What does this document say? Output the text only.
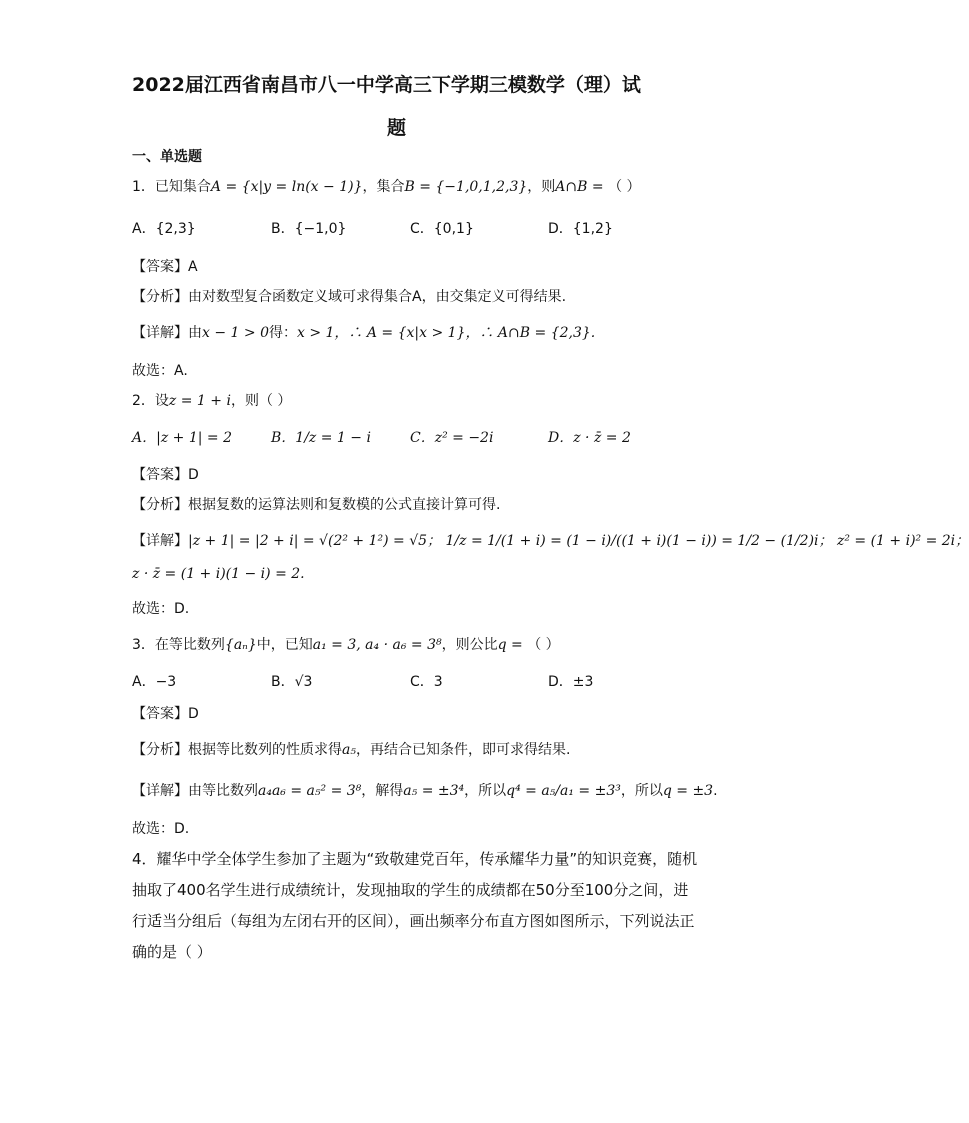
2022届江西省南昌市八一中学高三下学期三模数学（理）试
题
一、单选题
1．已知集合A = {x|y = ln(x − 1)}，集合B = {−1,0,1,2,3}，则A∩B = （ ）
A．{2,3}	B．{−1,0}	C．{0,1}	D．{1,2}
【答案】A
【分析】由对数型复合函数定义域可求得集合A，由交集定义可得结果.
【详解】由x − 1 > 0得：x > 1，∴ A = {x|x > 1}，∴ A∩B = {2,3}.
故选：A.
2．设z = 1 + i，则（ ）
A．|z + 1| = 2	B．1/z = 1 − i	C．z² = −2i	D．z · z̄ = 2
【答案】D
【分析】根据复数的运算法则和复数模的公式直接计算可得.
【详解】|z + 1| = |2 + i| = √(2² + 1²) = √5； 1/z = 1/(1 + i) = (1 − i)/((1 + i)(1 − i)) = 1/2 − (1/2)i； z² = (1 + i)² = 2i；
z · z̄ = (1 + i)(1 − i) = 2.
故选：D.
3．在等比数列{aₙ}中，已知a₁ = 3, a₄ · a₆ = 3⁸，则公比q = （ ）
A．−3	B．√3	C．3	D．±3
【答案】D
【分析】根据等比数列的性质求得a₅，再结合已知条件，即可求得结果.
【详解】由等比数列a₄a₆ = a₅² = 3⁸，解得a₅ = ±3⁴，所以q⁴ = a₅/a₁ = ±3³，所以q = ±3.
故选：D.
4．耀华中学全体学生参加了主题为“致敬建党百年，传承耀华力量”的知识竞赛，随机
抽取了400名学生进行成绩统计，发现抽取的学生的成绩都在50分至100分之间，进
行适当分组后（每组为左闭右开的区间），画出频率分布直方图如图所示，下列说法正
确的是（ ）
